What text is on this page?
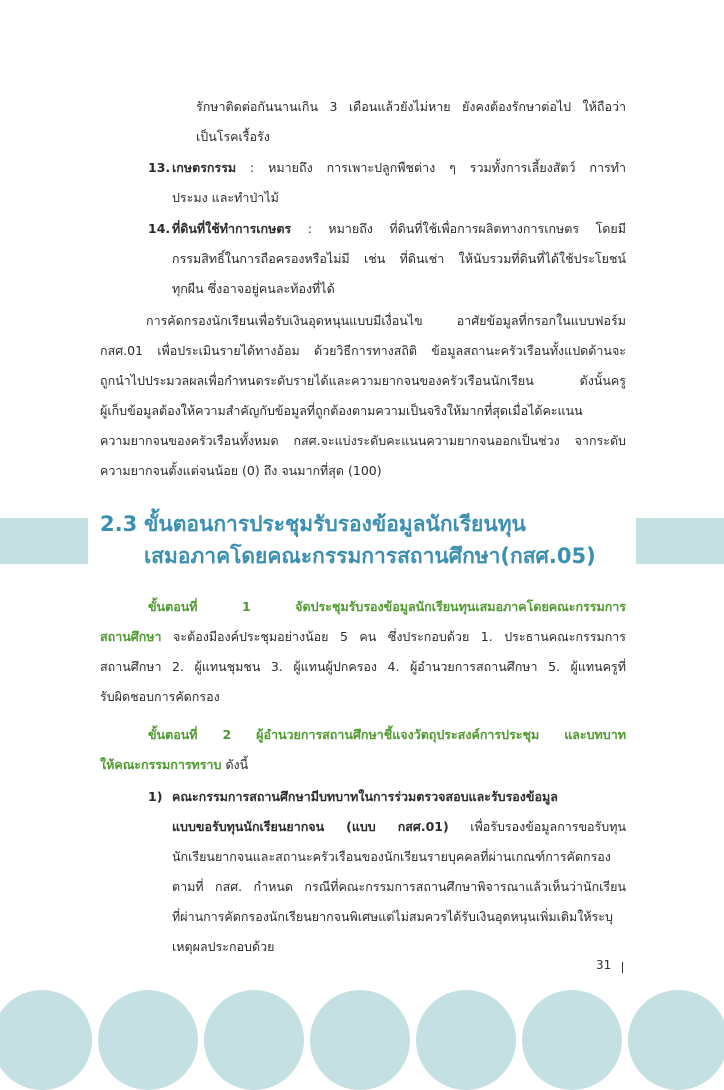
รักษาติดต่อกันนานเกิน 3 เดือนแล้วยังไม่หาย ยังคงต้องรักษาต่อไป ให้ถือว่า
เป็นโรคเรื้อรัง
13. เกษตรกรรม : หมายถึง การเพาะปลูกพืชต่าง ๆ รวมทั้งการเลี้ยงสัตว์ การทำ
ประมง และทำป่าไม้
14. ที่ดินที่ใช้ทำการเกษตร : หมายถึง ที่ดินที่ใช้เพื่อการผลิตทางการเกษตร โดยมี
กรรมสิทธิ์ในการถือครองหรือไม่มี เช่น ที่ดินเช่า ให้นับรวมที่ดินที่ได้ใช้ประโยชน์
ทุกผืน ซึ่งอาจอยู่คนละท้องที่ได้
การคัดกรองนักเรียนเพื่อรับเงินอุดหนุนแบบมีเงื่อนไข อาศัยข้อมูลที่กรอกในแบบฟอร์ม
กสศ.01 เพื่อประเมินรายได้ทางอ้อม ด้วยวิธีการทางสถิติ ข้อมูลสถานะครัวเรือนทั้งแปดด้านจะ
ถูกนำไปประมวลผลเพื่อกำหนดระดับรายได้และความยากจนของครัวเรือนนักเรียน ดังนั้นครู
ผู้เก็บข้อมูลต้องให้ความสำคัญกับข้อมูลที่ถูกต้องตามความเป็นจริงให้มากที่สุดเมื่อได้คะแนน
ความยากจนของครัวเรือนทั้งหมด กสศ.จะแบ่งระดับคะแนนความยากจนออกเป็นช่วง จากระดับ
ความยากจนตั้งแต่จนน้อย (0) ถึง จนมากที่สุด (100)
2.3 ขั้นตอนการประชุมรับรองข้อมูลนักเรียนทุน
เสมอภาคโดยคณะกรรมการสถานศึกษา(กสศ.05)
ขั้นตอนที่ 1 จัดประชุมรับรองข้อมูลนักเรียนทุนเสมอภาคโดยคณะกรรมการ
สถานศึกษา จะต้องมีองค์ประชุมอย่างน้อย 5 คน ซึ่งประกอบด้วย 1. ประธานคณะกรรมการ
สถานศึกษา 2. ผู้แทนชุมชน 3. ผู้แทนผู้ปกครอง 4. ผู้อำนวยการสถานศึกษา 5. ผู้แทนครูที่
รับผิดชอบการคัดกรอง
ขั้นตอนที่ 2 ผู้อำนวยการสถานศึกษาชี้แจงวัตถุประสงค์การประชุม และบทบาท
ให้คณะกรรมการทราบ ดังนี้
1) คณะกรรมการสถานศึกษามีบทบาทในการร่วมตรวจสอบและรับรองข้อมูล
แบบขอรับทุนนักเรียนยากจน (แบบ กสศ.01) เพื่อรับรองข้อมูลการขอรับทุน
นักเรียนยากจนและสถานะครัวเรือนของนักเรียนรายบุคคลที่ผ่านเกณฑ์การคัดกรอง
ตามที่ กสศ. กำหนด กรณีที่คณะกรรมการสถานศึกษาพิจารณาแล้วเห็นว่านักเรียน
ที่ผ่านการคัดกรองนักเรียนยากจนพิเศษแต่ไม่สมควรได้รับเงินอุดหนุนเพิ่มเติมให้ระบุ
เหตุผลประกอบด้วย
31
